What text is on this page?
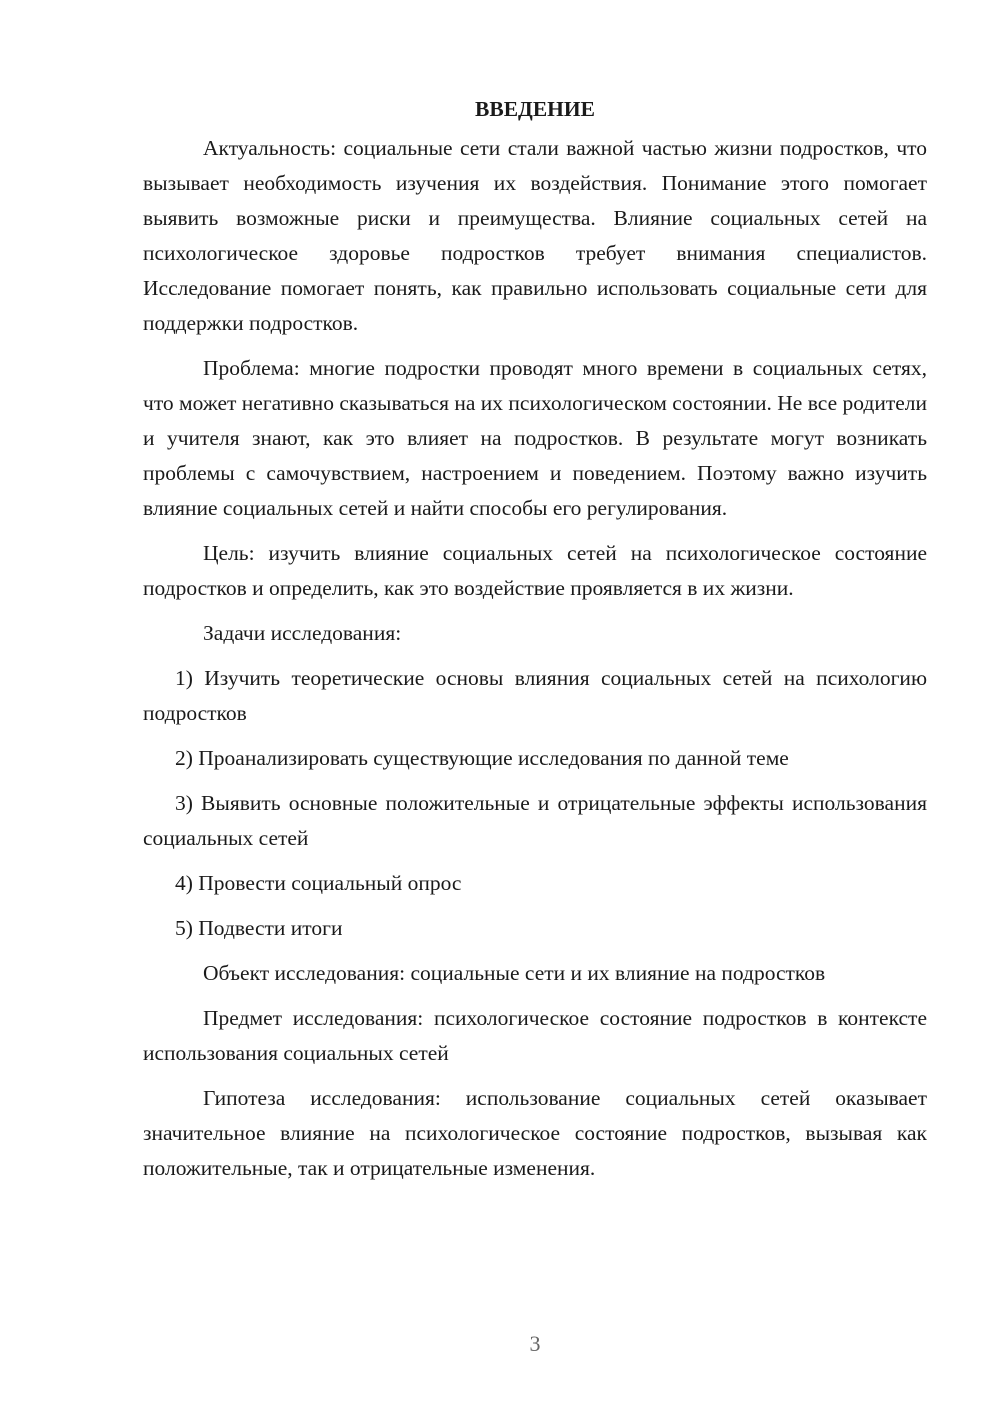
ВВЕДЕНИЕ

Актуальность: социальные сети стали важной частью жизни подростков, что вызывает необходимость изучения их воздействия. Понимание этого помогает выявить возможные риски и преимущества. Влияние социальных сетей на психологическое здоровье подростков требует внимания специалистов. Исследование помогает понять, как правильно использовать социальные сети для поддержки подростков.

Проблема: многие подростки проводят много времени в социальных сетях, что может негативно сказываться на их психологическом состоянии. Не все родители и учителя знают, как это влияет на подростков. В результате могут возникать проблемы с самочувствием, настроением и поведением. Поэтому важно изучить влияние социальных сетей и найти способы его регулирования.

Цель: изучить влияние социальных сетей на психологическое состояние подростков и определить, как это воздействие проявляется в их жизни.

Задачи исследования:

1) Изучить теоретические основы влияния социальных сетей на психологию подростков

2) Проанализировать существующие исследования по данной теме

3) Выявить основные положительные и отрицательные эффекты использования социальных сетей

4) Провести социальный опрос

5) Подвести итоги

Объект исследования: социальные сети и их влияние на подростков

Предмет исследования: психологическое состояние подростков в контексте использования социальных сетей

Гипотеза исследования: использование социальных сетей оказывает значительное влияние на психологическое состояние подростков, вызывая как положительные, так и отрицательные изменения.

3
